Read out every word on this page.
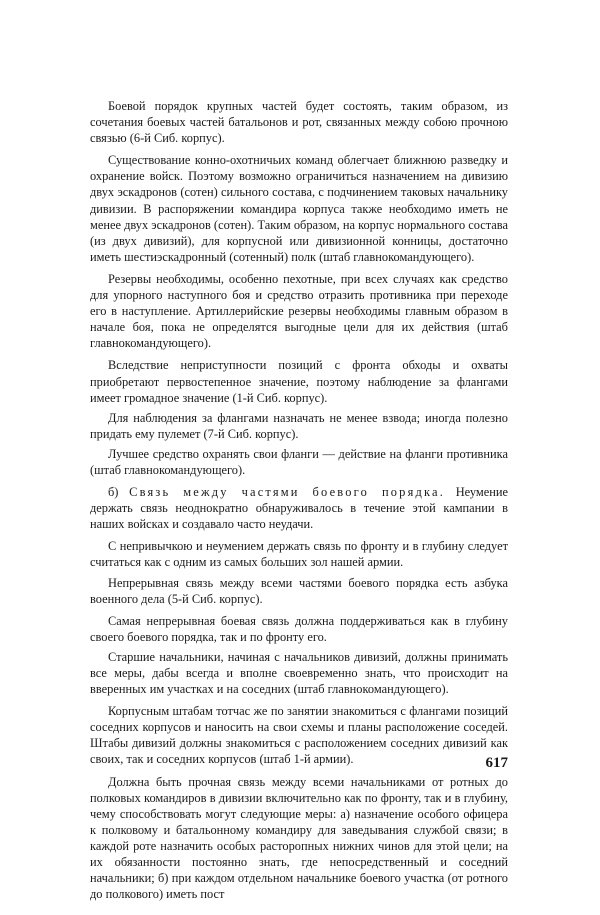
Боевой порядок крупных частей будет состоять, таким образом, из сочетания боевых частей батальонов и рот, связанных между собою прочною связью (6-й Сиб. корпус).

Существование конно-охотничьих команд облегчает ближнюю разведку и охранение войск. Поэтому возможно ограничиться назначением на дивизию двух эскадронов (сотен) сильного состава, с подчинением таковых начальнику дивизии. В распоряжении командира корпуса также необходимо иметь не менее двух эскадронов (сотен). Таким образом, на корпус нормального состава (из двух дивизий), для корпусной или дивизионной конницы, достаточно иметь шестиэскадронный (сотенный) полк (штаб главнокомандующего).

Резервы необходимы, особенно пехотные, при всех случаях как средство для упорного наступного боя и средство отразить противника при переходе его в наступление. Артиллерийские резервы необходимы главным образом в начале боя, пока не определятся выгодные цели для их действия (штаб главнокомандующего).

Вследствие неприступности позиций с фронта обходы и охваты приобретают первостепенное значение, поэтому наблюдение за флангами имеет громадное значение (1-й Сиб. корпус).

Для наблюдения за флангами назначать не менее взвода; иногда полезно придать ему пулемет (7-й Сиб. корпус).

Лучшее средство охранять свои фланги — действие на фланги противника (штаб главнокомандующего).

б) Связь между частями боевого порядка. Неумение держать связь неоднократно обнаруживалось в течение этой кампании в наших войсках и создавало часто неудачи.

С непривычкою и неумением держать связь по фронту и в глубину следует считаться как с одним из самых больших зол нашей армии.

Непрерывная связь между всеми частями боевого порядка есть азбука военного дела (5-й Сиб. корпус).

Самая непрерывная боевая связь должна поддерживаться как в глубину своего боевого порядка, так и по фронту его.

Старшие начальники, начиная с начальников дивизий, должны принимать все меры, дабы всегда и вполне своевременно знать, что происходит на вверенных им участках и на соседних (штаб главнокомандующего).

Корпусным штабам тотчас же по занятии знакомиться с флангами позиций соседних корпусов и наносить на свои схемы и планы расположение соседей. Штабы дивизий должны знакомиться с расположением соседних дивизий как своих, так и соседних корпусов (штаб 1-й армии).

Должна быть прочная связь между всеми начальниками от ротных до полковых командиров в дивизии включительно как по фронту, так и в глубину, чему способствовать могут следующие меры: а) назначение особого офицера к полковому и батальонному командиру для заведывания службой связи; в каждой роте назначить особых расторопных нижних чинов для этой цели; на их обязанности постоянно знать, где непосредственный и соседний начальники; б) при каждом отдельном начальнике боевого участка (от ротного до полкового) иметь пост

617
